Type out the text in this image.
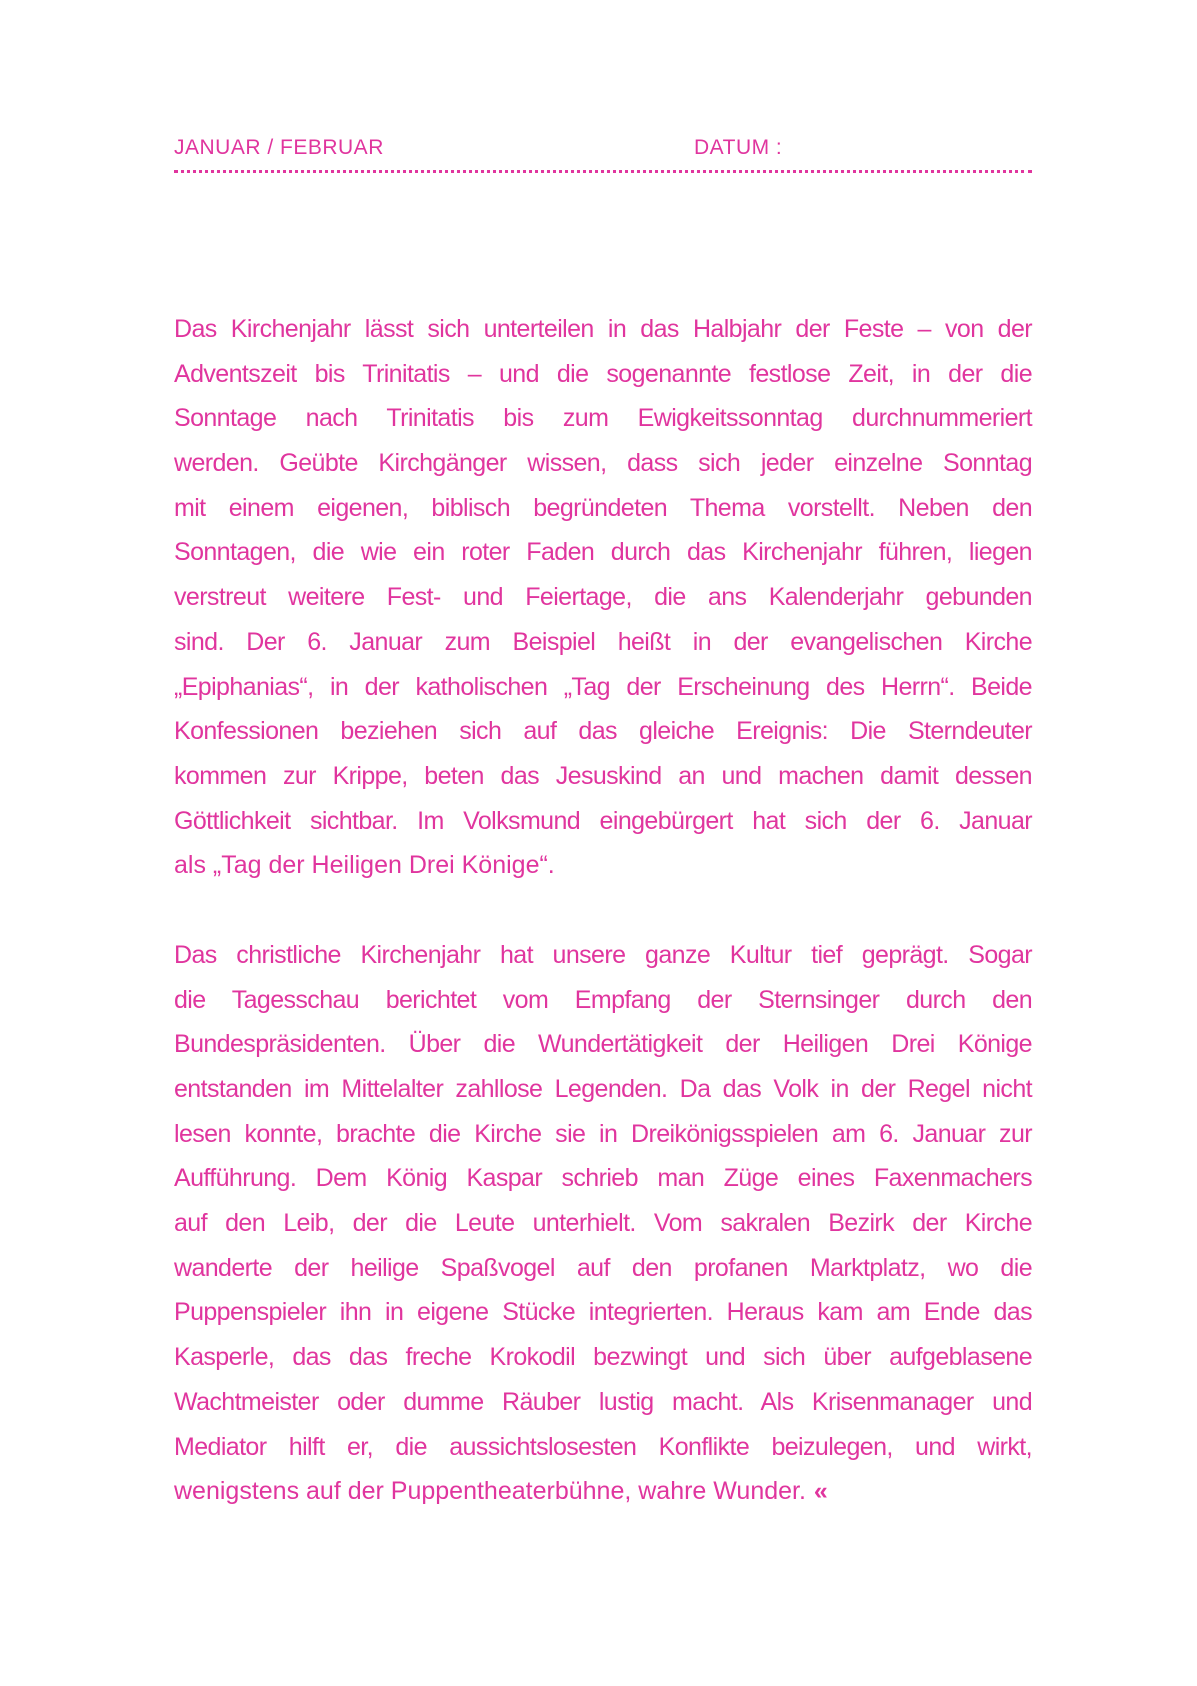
JANUAR / FEBRUAR	DATUM :
Das Kirchenjahr lässt sich unterteilen in das Halbjahr der Feste – von der
Adventszeit bis Trinitatis – und die sogenannte festlose Zeit, in der die
Sonntage nach Trinitatis bis zum Ewigkeitssonntag durchnummeriert
werden. Geübte Kirchgänger wissen, dass sich jeder einzelne Sonntag
mit einem eigenen, biblisch begründeten Thema vorstellt. Neben den
Sonntagen, die wie ein roter Faden durch das Kirchenjahr führen, liegen
verstreut weitere Fest- und Feiertage, die ans Kalenderjahr gebunden
sind. Der 6. Januar zum Beispiel heißt in der evangelischen Kirche
„Epiphanias“, in der katholischen „Tag der Erscheinung des Herrn“. Beide
Konfessionen beziehen sich auf das gleiche Ereignis: Die Sterndeuter
kommen zur Krippe, beten das Jesuskind an und machen damit dessen
Göttlichkeit sichtbar. Im Volksmund eingebürgert hat sich der 6. Januar
als „Tag der Heiligen Drei Könige“.
Das christliche Kirchenjahr hat unsere ganze Kultur tief geprägt. Sogar
die Tagesschau berichtet vom Empfang der Sternsinger durch den
Bundespräsidenten. Über die Wundertätigkeit der Heiligen Drei Könige
entstanden im Mittelalter zahllose Legenden. Da das Volk in der Regel nicht
lesen konnte, brachte die Kirche sie in Dreikönigsspielen am 6. Januar zur
Aufführung. Dem König Kaspar schrieb man Züge eines Faxenmachers
auf den Leib, der die Leute unterhielt. Vom sakralen Bezirk der Kirche
wanderte der heilige Spaßvogel auf den profanen Marktplatz, wo die
Puppenspieler ihn in eigene Stücke integrierten. Heraus kam am Ende das
Kasperle, das das freche Krokodil bezwingt und sich über aufgeblasene
Wachtmeister oder dumme Räuber lustig macht. Als Krisenmanager und
Mediator hilft er, die aussichtslosesten Konflikte beizulegen, und wirkt,
wenigstens auf der Puppentheaterbühne, wahre Wunder. «
